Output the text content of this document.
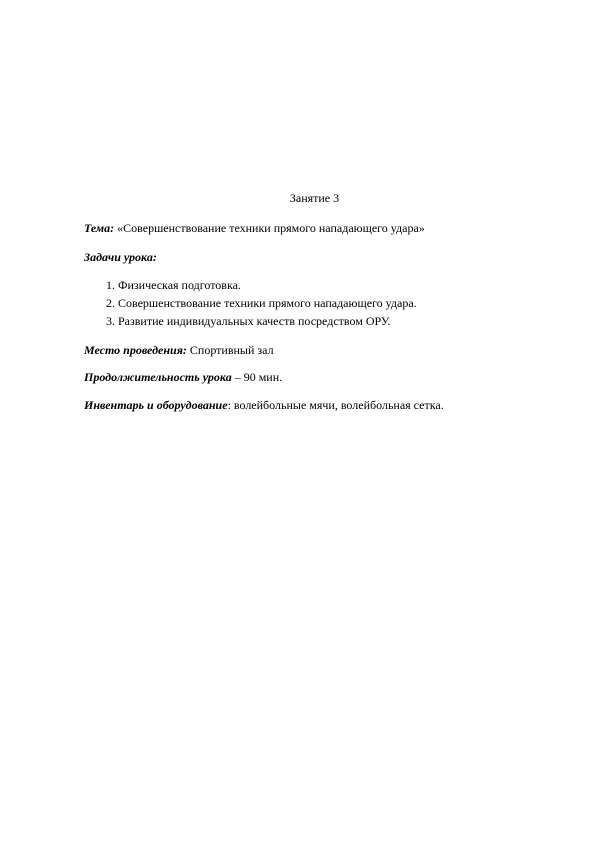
Занятие 3
Тема: «Совершенствование техники прямого нападающего удара»
Задачи урока:
1. Физическая подготовка.
2. Совершенствование техники прямого нападающего удара.
3. Развитие индивидуальных качеств посредством ОРУ.
Место проведения: Спортивный зал
Продолжительность урока – 90 мин.
Инвентарь и оборудование: волейбольные мячи, волейбольная сетка.
